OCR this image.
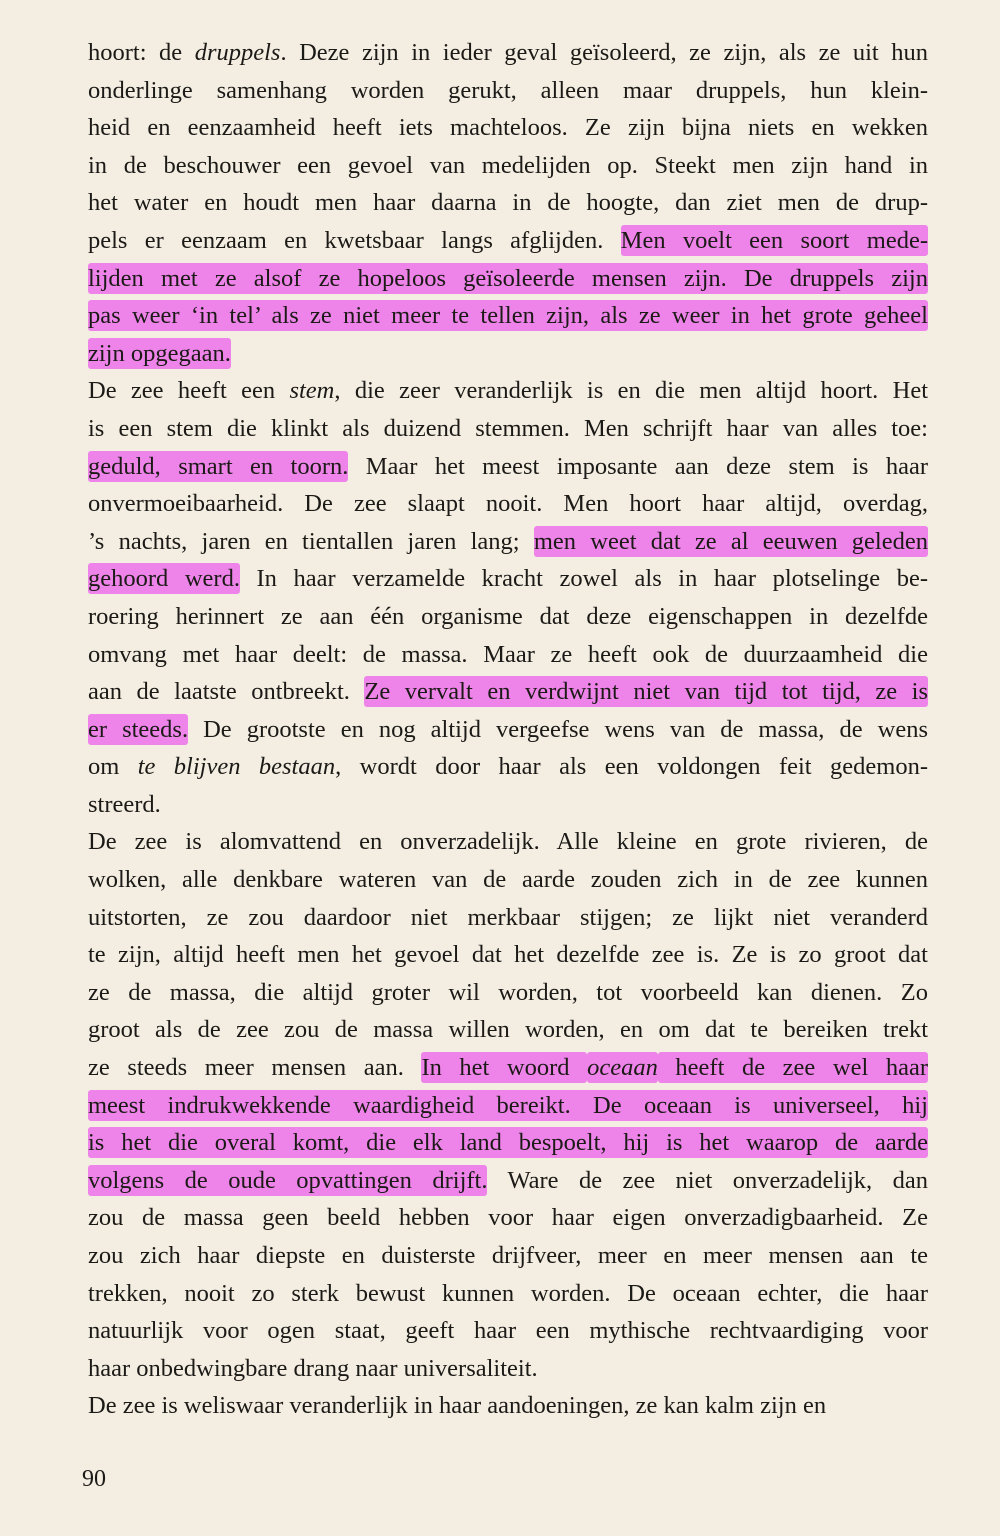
hoort: de druppels. Deze zijn in ieder geval geïsoleerd, ze zijn, als ze uit hun
onderlinge samenhang worden gerukt, alleen maar druppels, hun klein-
heid en eenzaamheid heeft iets machteloos. Ze zijn bijna niets en wekken
in de beschouwer een gevoel van medelijden op. Steekt men zijn hand in
het water en houdt men haar daarna in de hoogte, dan ziet men de drup-
pels er eenzaam en kwetsbaar langs afglijden. Men voelt een soort mede-
lijden met ze alsof ze hopeloos geïsoleerde mensen zijn. De druppels zijn
pas weer ‘in tel’ als ze niet meer te tellen zijn, als ze weer in het grote geheel
zijn opgegaan.
De zee heeft een stem, die zeer veranderlijk is en die men altijd hoort. Het
is een stem die klinkt als duizend stemmen. Men schrijft haar van alles toe:
geduld, smart en toorn. Maar het meest imposante aan deze stem is haar
onvermoeibaarheid. De zee slaapt nooit. Men hoort haar altijd, overdag,
’s nachts, jaren en tientallen jaren lang; men weet dat ze al eeuwen geleden
gehoord werd. In haar verzamelde kracht zowel als in haar plotselinge be-
roering herinnert ze aan één organisme dat deze eigenschappen in dezelfde
omvang met haar deelt: de massa. Maar ze heeft ook de duurzaamheid die
aan de laatste ontbreekt. Ze vervalt en verdwijnt niet van tijd tot tijd, ze is
er steeds. De grootste en nog altijd vergeefse wens van de massa, de wens
om te blijven bestaan, wordt door haar als een voldongen feit gedemon-
streerd.
De zee is alomvattend en onverzadelijk. Alle kleine en grote rivieren, de
wolken, alle denkbare wateren van de aarde zouden zich in de zee kunnen
uitstorten, ze zou daardoor niet merkbaar stijgen; ze lijkt niet veranderd
te zijn, altijd heeft men het gevoel dat het dezelfde zee is. Ze is zo groot dat
ze de massa, die altijd groter wil worden, tot voorbeeld kan dienen. Zo
groot als de zee zou de massa willen worden, en om dat te bereiken trekt
ze steeds meer mensen aan. In het woord oceaan heeft de zee wel haar
meest indrukwekkende waardigheid bereikt. De oceaan is universeel, hij
is het die overal komt, die elk land bespoelt, hij is het waarop de aarde
volgens de oude opvattingen drijft. Ware de zee niet onverzadelijk, dan
zou de massa geen beeld hebben voor haar eigen onverzadigbaarheid. Ze
zou zich haar diepste en duisterste drijfveer, meer en meer mensen aan te
trekken, nooit zo sterk bewust kunnen worden. De oceaan echter, die haar
natuurlijk voor ogen staat, geeft haar een mythische rechtvaardiging voor
haar onbedwingbare drang naar universaliteit.
De zee is weliswaar veranderlijk in haar aandoeningen, ze kan kalm zijn en
90
